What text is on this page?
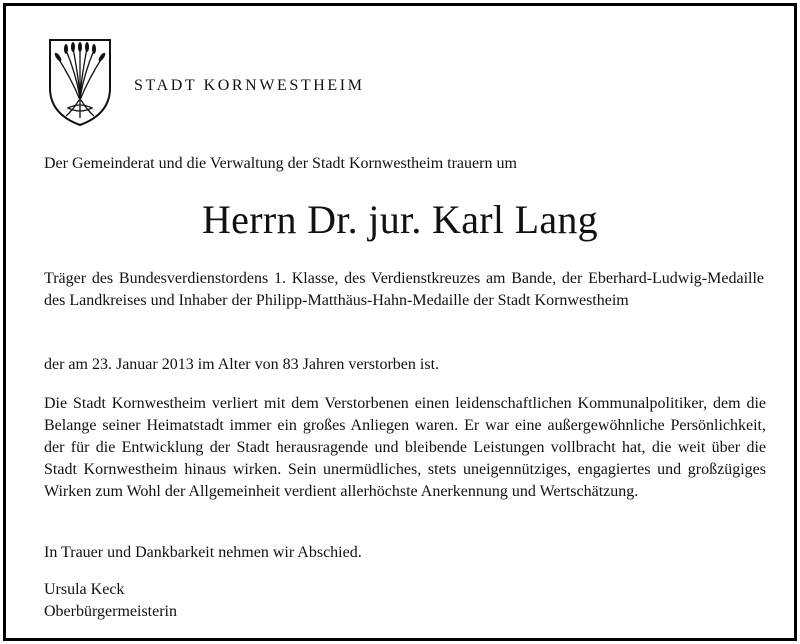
STADT KORNWESTHEIM

Der Gemeinderat und die Verwaltung der Stadt Kornwestheim trauern um

Herrn Dr. jur. Karl Lang

Träger des Bundesverdienstordens 1. Klasse, des Verdienstkreuzes am Bande, der Eberhard-Ludwig-Medaille des Landkreises und Inhaber der Philipp-Matthäus-Hahn-Medaille der Stadt Kornwestheim

der am 23. Januar 2013 im Alter von 83 Jahren verstorben ist.

Die Stadt Kornwestheim verliert mit dem Verstorbenen einen leidenschaftlichen Kommunalpolitiker, dem die Belange seiner Heimatstadt immer ein großes Anliegen waren. Er war eine außergewöhnliche Persönlichkeit, der für die Entwicklung der Stadt herausragende und bleibende Leistungen vollbracht hat, die weit über die Stadt Kornwestheim hinaus wirken. Sein unermüdliches, stets uneigennütziges, engagiertes und großzügiges Wirken zum Wohl der Allgemeinheit verdient allerhöchste Anerkennung und Wertschätzung.

In Trauer und Dankbarkeit nehmen wir Abschied.

Ursula Keck
Oberbürgermeisterin
